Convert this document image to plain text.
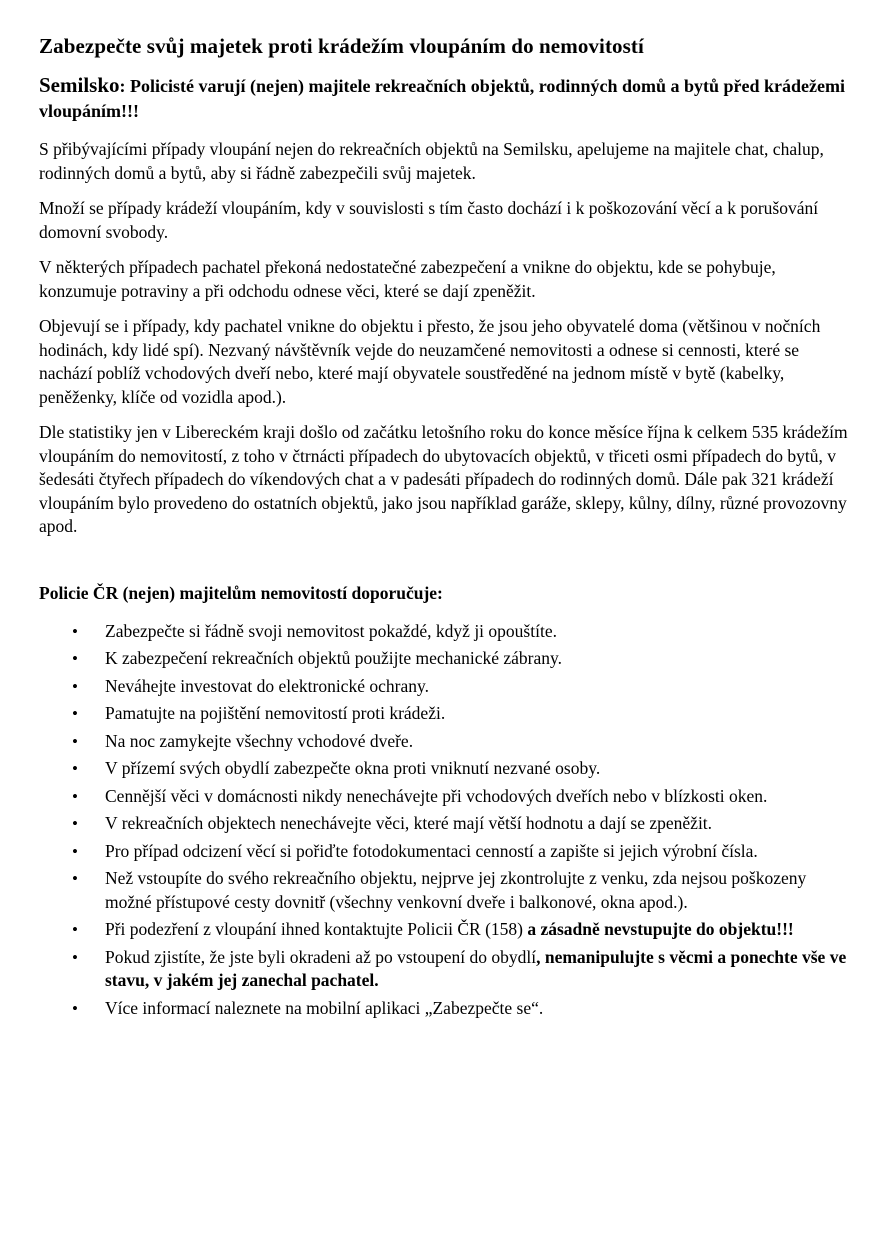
Zabezpečte svůj majetek proti krádežím vloupáním do nemovitostí
Semilsko: Policisté varují (nejen) majitele rekreačních objektů, rodinných domů a bytů před krádežemi vloupáním!!!

S přibývajícími případy vloupání nejen do rekreačních objektů na Semilsku, apelujeme na majitele chat, chalup, rodinných domů a bytů, aby si řádně zabezpečili svůj majetek.

Množí se případy krádeží vloupáním, kdy v souvislosti s tím často dochází i k poškozování věcí a k porušování domovní svobody.

V některých případech pachatel překoná nedostatečné zabezpečení a vnikne do objektu, kde se pohybuje, konzumuje potraviny a při odchodu odnese věci, které se dají zpeněžit.

Objevují se i případy, kdy pachatel vnikne do objektu i přesto, že jsou jeho obyvatelé doma (většinou v nočních hodinách, kdy lidé spí). Nezvaný návštěvník vejde do neuzamčené nemovitosti a odnese si cennosti, které se nachází poblíž vchodových dveří nebo, které mají obyvatele soustředěné na jednom místě v bytě (kabelky, peněženky, klíče od vozidla apod.).

Dle statistiky jen v Libereckém kraji došlo od začátku letošního roku do konce měsíce října k celkem 535 krádežím vloupáním do nemovitostí, z toho v čtrnácti případech do ubytovacích objektů, v třiceti osmi případech do bytů, v šedesáti čtyřech případech do víkendových chat a v padesáti případech do rodinných domů. Dále pak 321 krádeží vloupáním bylo provedeno do ostatních objektů, jako jsou například garáže, sklepy, kůlny, dílny, různé provozovny apod.

Policie ČR (nejen) majitelům nemovitostí doporučuje:
• Zabezpečte si řádně svoji nemovitost pokaždé, když ji opouštíte.
• K zabezpečení rekreačních objektů použijte mechanické zábrany.
• Neváhejte investovat do elektronické ochrany.
• Pamatujte na pojištění nemovitostí proti krádeži.
• Na noc zamykejte všechny vchodové dveře.
• V přízemí svých obydlí zabezpečte okna proti vniknutí nezvané osoby.
• Cennější věci v domácnosti nikdy nenechávejte při vchodových dveřích nebo v blízkosti oken.
• V rekreačních objektech nenechávejte věci, které mají větší hodnotu a dají se zpeněžit.
• Pro případ odcizení věcí si pořiďte fotodokumentaci cenností a zapište si jejich výrobní čísla.
• Než vstoupíte do svého rekreačního objektu, nejprve jej zkontrolujte z venku, zda nejsou poškozeny možné přístupové cesty dovnitř (všechny venkovní dveře i balkonové, okna apod.).
• Při podezření z vloupání ihned kontaktujte Policii ČR (158) a zásadně nevstupujte do objektu!!!
• Pokud zjistíte, že jste byli okradeni až po vstoupení do obydlí, nemanipulujte s věcmi a ponechte vše ve stavu, v jakém jej zanechal pachatel.
• Více informací naleznete na mobilní aplikaci „Zabezpečte se“.
